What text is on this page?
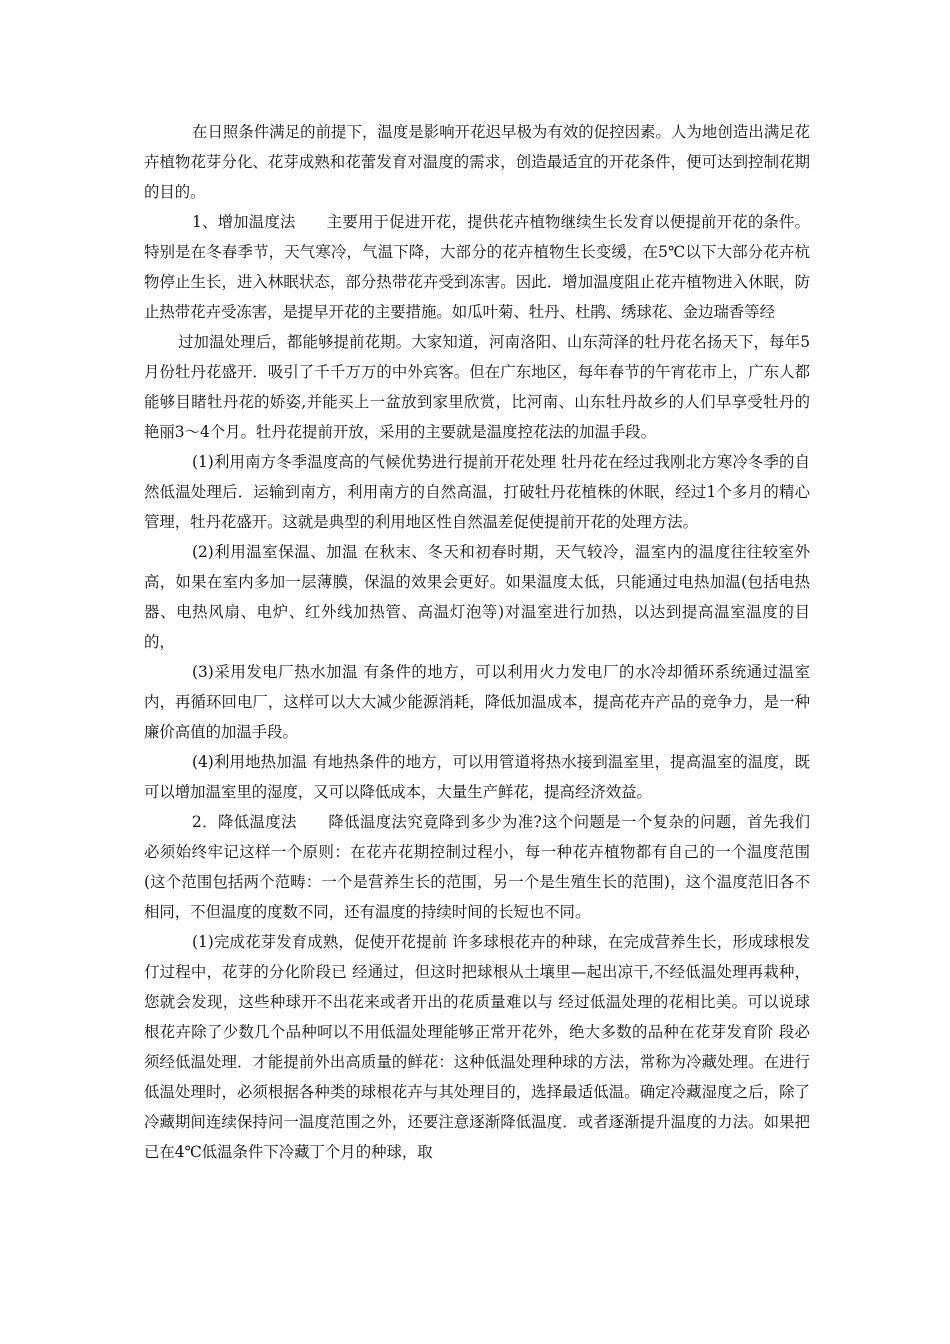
在日照条件满足的前提下，温度是影响开花迟早极为有效的促控因素。人为地创造出满足花卉植物花芽分化、花芽成熟和花蕾发育对温度的需求，创造最适宜的开花条件，便可达到控制花期的目的。

1、增加温度法　　主要用于促进开花，提供花卉植物继续生长发育以便提前开花的条件。特别是在冬春季节，天气寒冷，气温下降，大部分的花卉植物生长变缓，在5℃以下大部分花卉杭物停止生长，进入林眠状态，部分热带花卉受到冻害。因此．增加温度阻止花卉植物进入休眠，防止热带花卉受冻害，是提早开花的主要措施。如瓜叶菊、牡丹、杜鹃、绣球花、金边瑞香等经

过加温处理后，都能够提前花期。大家知道，河南洛阳、山东菏泽的牡丹花名扬天下，每年5月份牡丹花盛开．吸引了千千万万的中外宾客。但在广东地区，每年春节的午宵花市上，广东人都能够目睹牡丹花的娇姿,并能买上一盆放到家里欣赏，比河南、山东牡丹故乡的人们早享受牡丹的艳丽3～4个月。牡丹花提前开放，采用的主要就是温度控花法的加温手段。

(1)利用南方冬季温度高的气候优势进行提前开花处理 牡丹花在经过我刚北方寒冷冬季的自然低温处理后．运输到南方，利用南方的自然高温，打破牡丹花植株的休眠，经过1个多月的精心管理，牡丹花盛开。这就是典型的利用地区性自然温差促使提前开花的处理方法。

(2)利用温室保温、加温 在秋末、冬天和初春时期，天气较冷，温室内的温度往往较室外高，如果在室内多加一层薄膜，保温的效果会更好。如果温度太低，只能通过电热加温(包括电热器、电热风扇、电炉、红外线加热管、高温灯泡等)对温室进行加热，以达到提高温室温度的目的，

(3)采用发电厂热水加温 有条件的地方，可以利用火力发电厂的水冷却循环系统通过温室内，再循环回电厂，这样可以大大减少能源消耗，降低加温成本，提高花卉产品的竞争力，是一种廉价高值的加温手段。

(4)利用地热加温 有地热条件的地方，可以用管道将热水接到温室里，提高温室的温度，既可以增加温室里的湿度，又可以降低成本，大量生产鲜花，提高经济效益。

2．降低温度法　　降低温度法究竟降到多少为准?这个问题是一个复杂的问题，首先我们必须始终牢记这样一个原则：在花卉花期控制过程小，每一种花卉植物都有自己的一个温度范围(这个范围包括两个范畴：一个是营养生长的范围，另一个是生殖生长的范围)，这个温度范旧各不相同，不但温度的度数不同，还有温度的持续时间的长短也不同。

(1)完成花芽发育成熟，促使开花提前 许多球根花卉的种球，在完成营养生长，形成球根发仃过程中，花芽的分化阶段已 经通过，但这时把球根从土壤里—起出凉干,不经低温处理再栽种，您就会发现，这些种球开不出花来或者开出的花质量难以与 经过低温处理的花相比美。可以说球根花卉除了少数几个品种呵以不用低温处理能够正常开花外，绝大多数的品种在花芽发育阶 段必须经低温处理．才能提前外出高质量的鲜花：这种低温处理种球的方法，常称为冷藏处理。在进行低温处理时，必须根据各种类的球根花卉与其处理目的，选择最适低温。确定冷藏湿度之后，除了冷藏期间连续保持问一温度范围之外，还要注意逐渐降低温度．或者逐渐提升温度的力法。如果把已在4℃低温条件下冷藏丁个月的种球，取
